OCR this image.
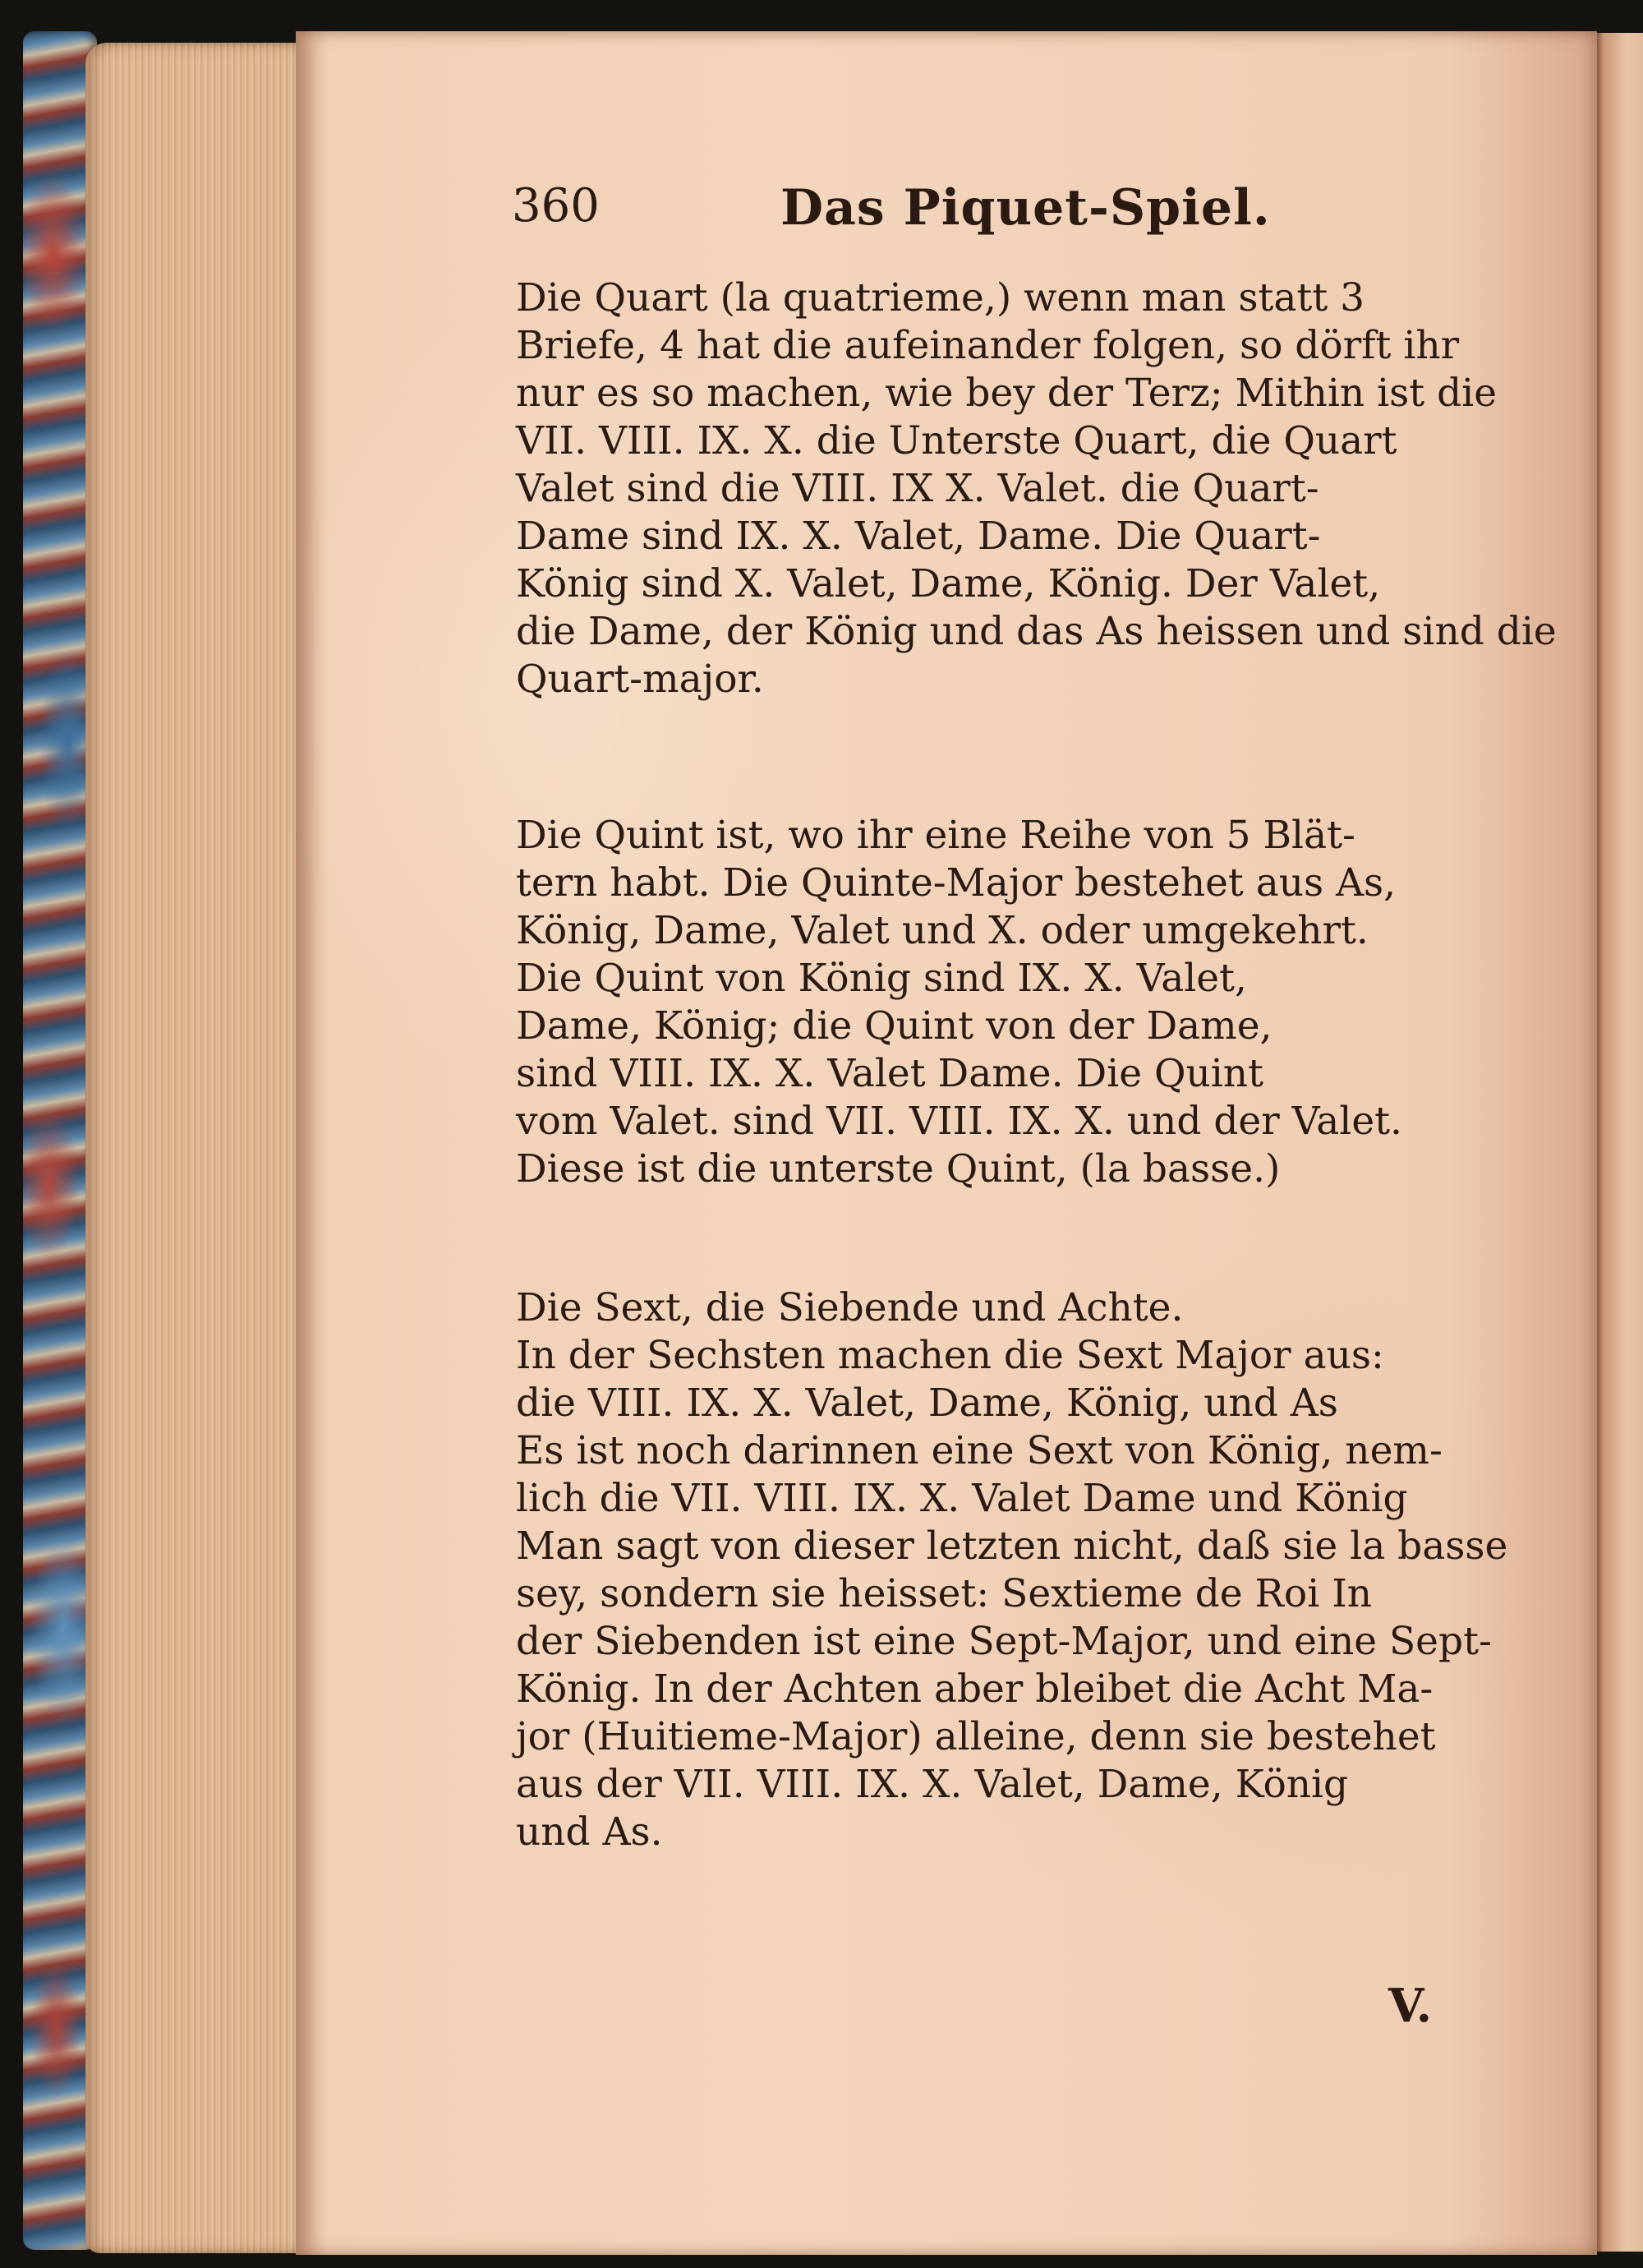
360	Das Piquet-Spiel.
Die Quart (la quatrieme,) wenn man statt 3
Briefe, 4 hat die aufeinander folgen, so dörft ihr
nur es so machen, wie bey der Terz; Mithin ist die
VII. VIII. IX. X. die Unterste Quart, die Quart
Valet sind die VIII. IX X. Valet. die Quart-
Dame sind IX. X. Valet, Dame. Die Quart-
König sind X. Valet, Dame, König. Der Valet,
die Dame, der König und das As heissen und sind die
Quart-major.
Die Quint ist, wo ihr eine Reihe von 5 Blät-
tern habt. Die Quinte-Major bestehet aus As,
König, Dame, Valet und X. oder umgekehrt.
Die Quint von König sind IX. X. Valet,
Dame, König; die Quint von der Dame,
sind VIII. IX. X. Valet Dame. Die Quint
vom Valet. sind VII. VIII. IX. X. und der Valet.
Diese ist die unterste Quint, (la basse.)
Die Sext, die Siebende und Achte.
In der Sechsten machen die Sext Major aus:
die VIII. IX. X. Valet, Dame, König, und As
Es ist noch darinnen eine Sext von König, nem-
lich die VII. VIII. IX. X. Valet Dame und König
Man sagt von dieser letzten nicht, daß sie la basse
sey, sondern sie heisset: Sextieme de Roi In
der Siebenden ist eine Sept-Major, und eine Sept-
König. In der Achten aber bleibet die Acht Ma-
jor (Huitieme-Major) alleine, denn sie bestehet
aus der VII. VIII. IX. X. Valet, Dame, König
und As.
V.
